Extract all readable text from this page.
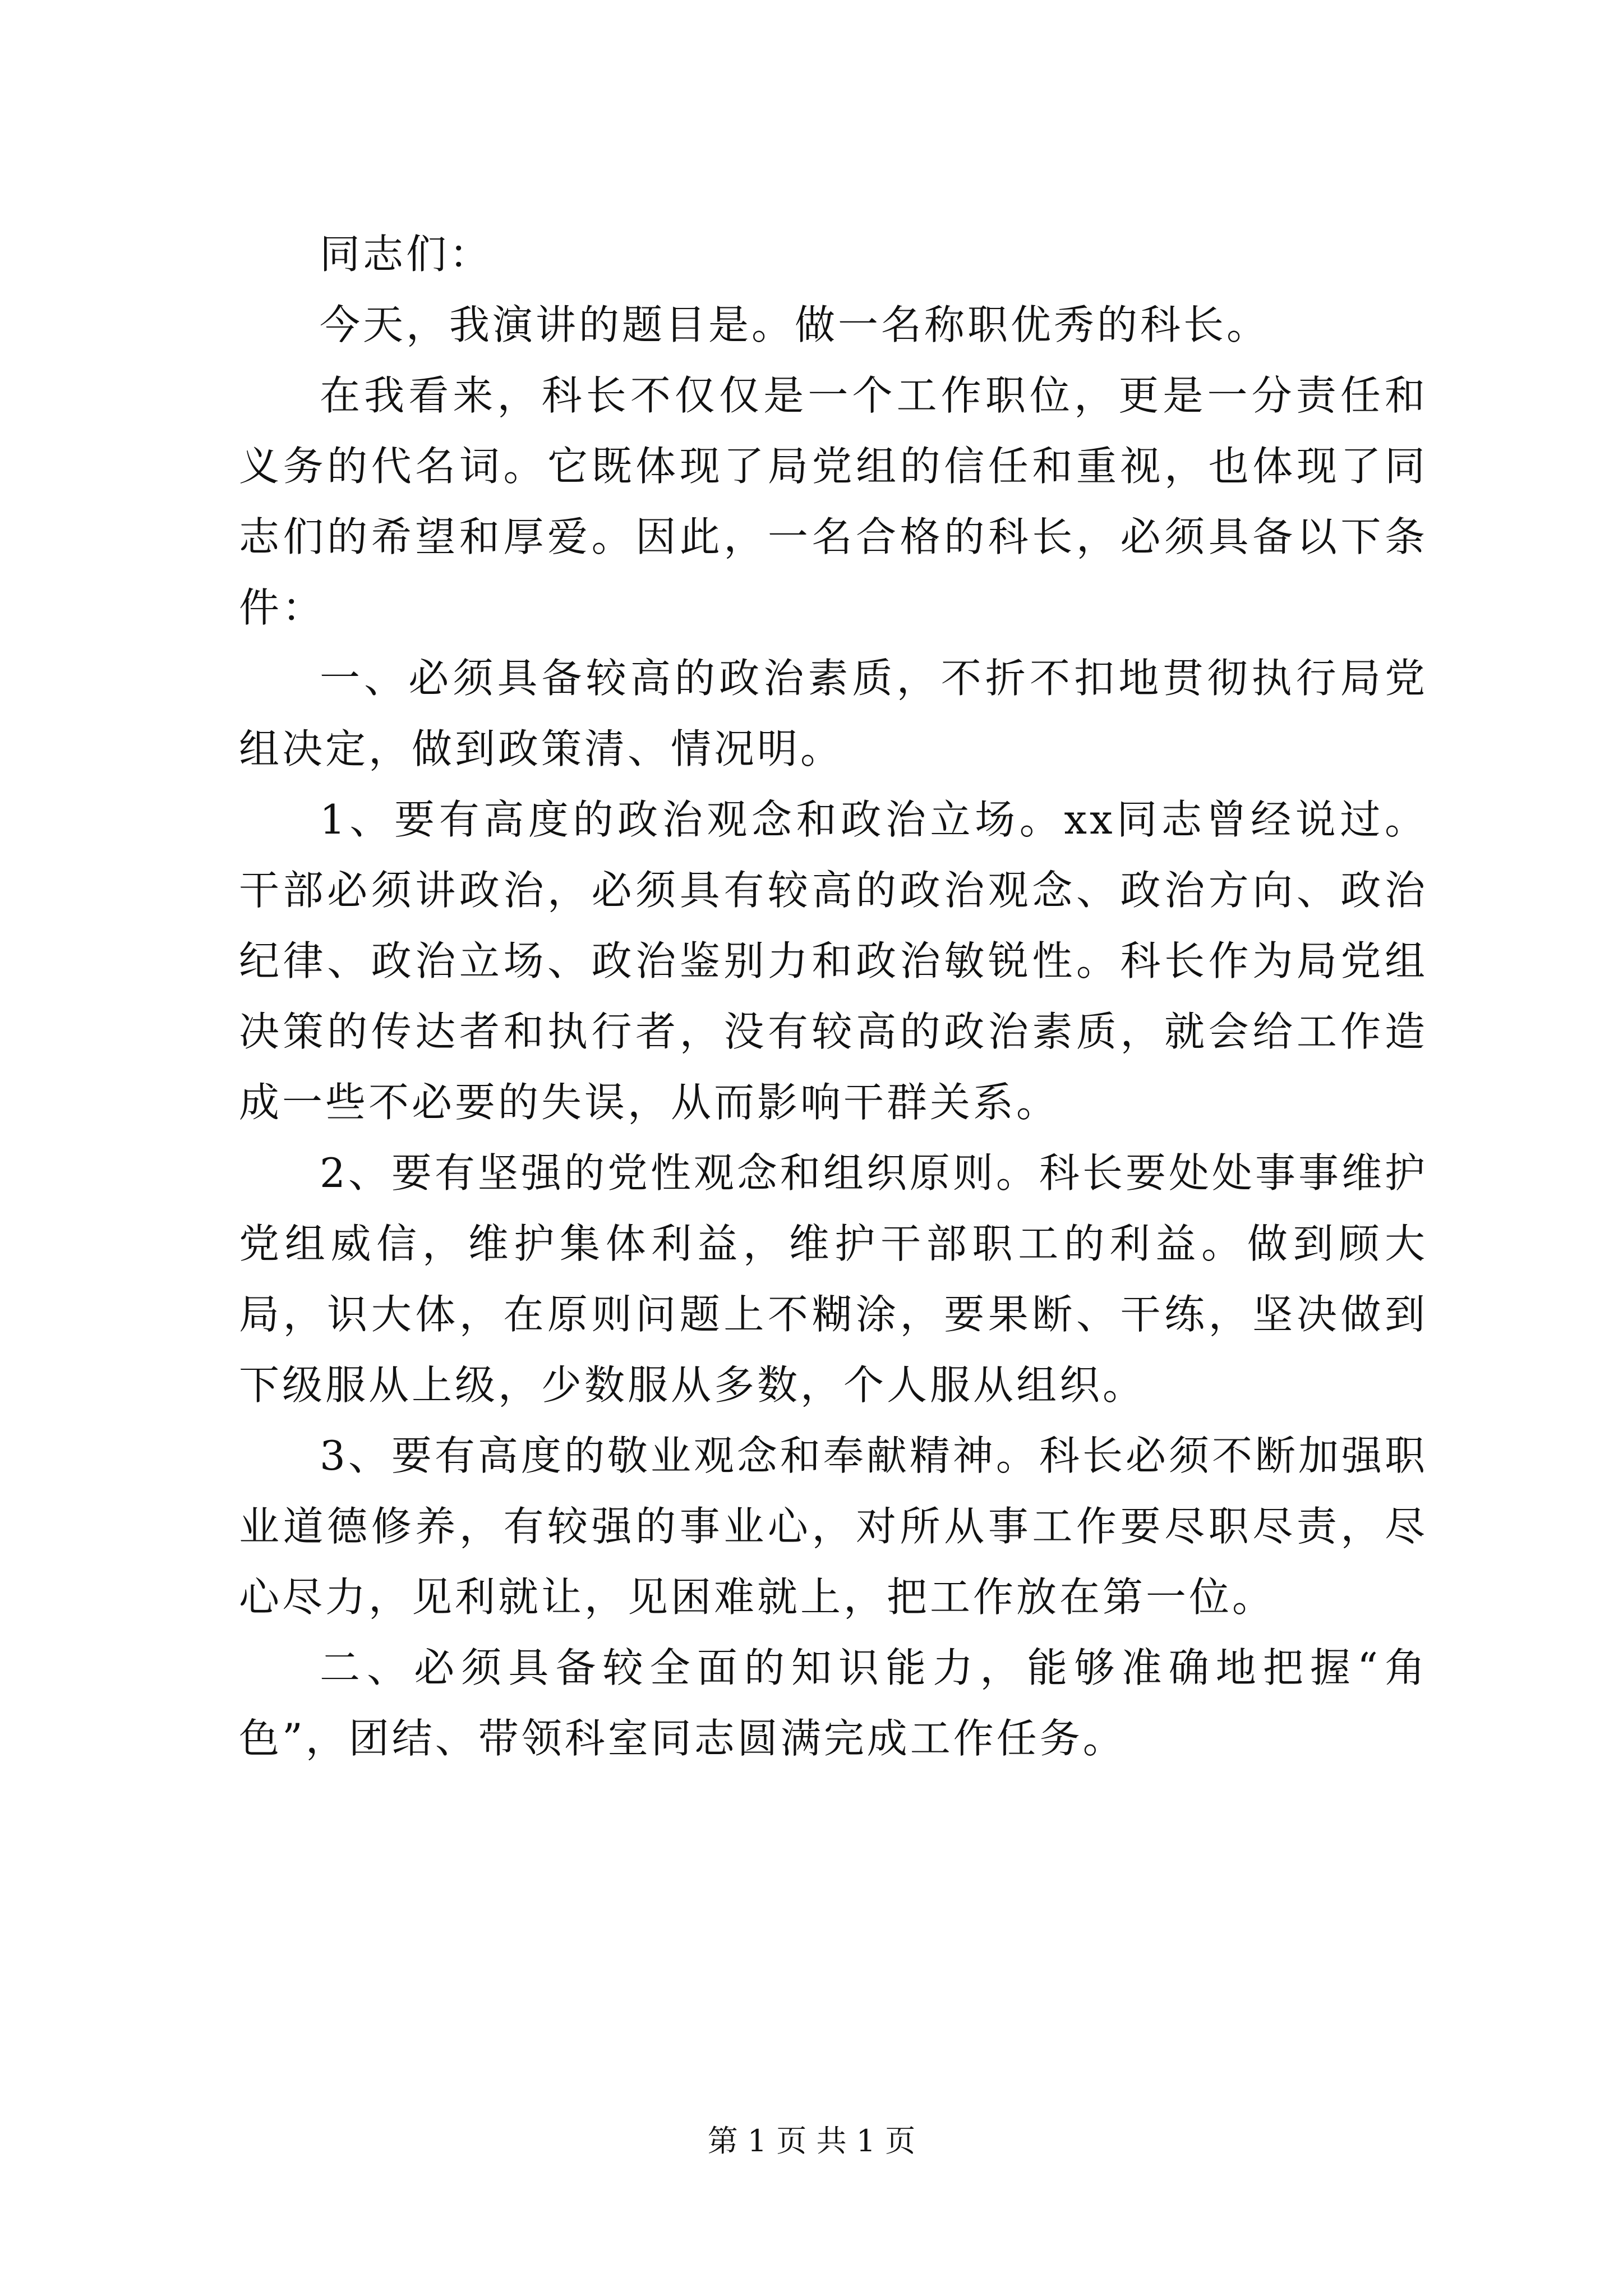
同志们：

今天，我演讲的题目是。做一名称职优秀的科长。

在我看来，科长不仅仅是一个工作职位，更是一分责任和义务的代名词。它既体现了局党组的信任和重视，也体现了同志们的希望和厚爱。因此，一名合格的科长，必须具备以下条件：

一、必须具备较高的政治素质，不折不扣地贯彻执行局党组决定，做到政策清、情况明。

1、要有高度的政治观念和政治立场。xx同志曾经说过。干部必须讲政治，必须具有较高的政治观念、政治方向、政治纪律、政治立场、政治鉴别力和政治敏锐性。科长作为局党组决策的传达者和执行者，没有较高的政治素质，就会给工作造成一些不必要的失误，从而影响干群关系。

2、要有坚强的党性观念和组织原则。科长要处处事事维护党组威信，维护集体利益，维护干部职工的利益。做到顾大局，识大体，在原则问题上不糊涂，要果断、干练，坚决做到下级服从上级，少数服从多数，个人服从组织。

3、要有高度的敬业观念和奉献精神。科长必须不断加强职业道德修养，有较强的事业心，对所从事工作要尽职尽责，尽心尽力，见利就让，见困难就上，把工作放在第一位。

二、必须具备较全面的知识能力，能够准确地把握“角色”，团结、带领科室同志圆满完成工作任务。

第 1 页 共 1 页
